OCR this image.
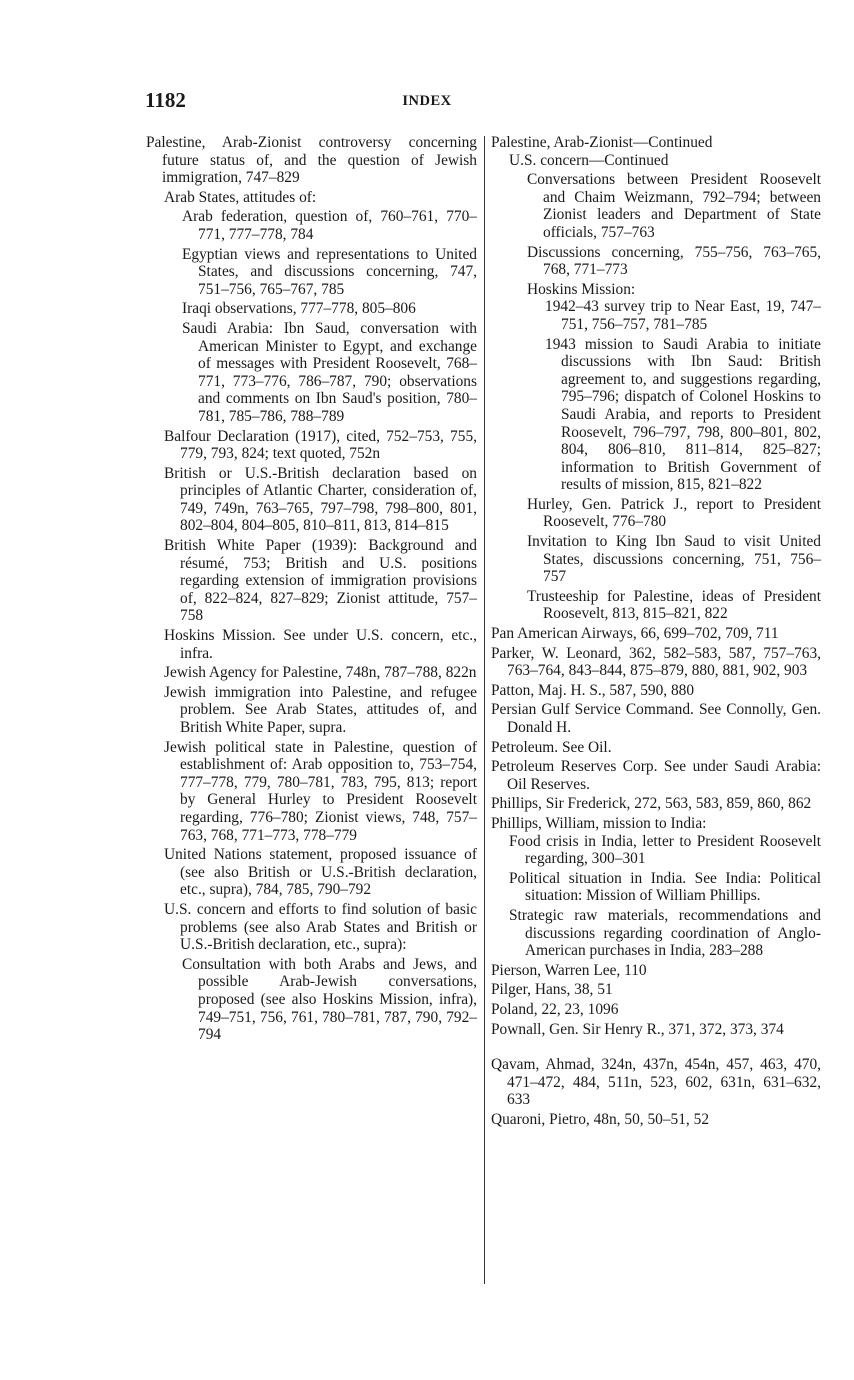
1182	INDEX

Palestine, Arab-Zionist controversy concerning future status of, and the question of Jewish immigration, 747–829

Arab States, attitudes of:

Arab federation, question of, 760–761, 770–771, 777–778, 784

Egyptian views and representations to United States, and discussions concerning, 747, 751–756, 765–767, 785

Iraqi observations, 777–778, 805–806

Saudi Arabia: Ibn Saud, conversation with American Minister to Egypt, and exchange of messages with President Roosevelt, 768–771, 773–776, 786–787, 790; observations and comments on Ibn Saud's position, 780–781, 785–786, 788–789

Balfour Declaration (1917), cited, 752–753, 755, 779, 793, 824; text quoted, 752n

British or U.S.-British declaration based on principles of Atlantic Charter, consideration of, 749, 749n, 763–765, 797–798, 798–800, 801, 802–804, 804–805, 810–811, 813, 814–815

British White Paper (1939): Background and résumé, 753; British and U.S. positions regarding extension of immigration provisions of, 822–824, 827–829; Zionist attitude, 757–758

Hoskins Mission. See under U.S. concern, etc., infra.

Jewish Agency for Palestine, 748n, 787–788, 822n

Jewish immigration into Palestine, and refugee problem. See Arab States, attitudes of, and British White Paper, supra.

Jewish political state in Palestine, question of establishment of: Arab opposition to, 753–754, 777–778, 779, 780–781, 783, 795, 813; report by General Hurley to President Roosevelt regarding, 776–780; Zionist views, 748, 757–763, 768, 771–773, 778–779

United Nations statement, proposed issuance of (see also British or U.S.-British declaration, etc., supra), 784, 785, 790–792

U.S. concern and efforts to find solution of basic problems (see also Arab States and British or U.S.-British declaration, etc., supra):

Consultation with both Arabs and Jews, and possible Arab-Jewish conversations, proposed (see also Hoskins Mission, infra), 749–751, 756, 761, 780–781, 787, 790, 792–794

Palestine, Arab-Zionist—Continued

U.S. concern—Continued

Conversations between President Roosevelt and Chaim Weizmann, 792–794; between Zionist leaders and Department of State officials, 757–763

Discussions concerning, 755–756, 763–765, 768, 771–773

Hoskins Mission:

1942–43 survey trip to Near East, 19, 747–751, 756–757, 781–785

1943 mission to Saudi Arabia to initiate discussions with Ibn Saud: British agreement to, and suggestions regarding, 795–796; dispatch of Colonel Hoskins to Saudi Arabia, and reports to President Roosevelt, 796–797, 798, 800–801, 802, 804, 806–810, 811–814, 825–827; information to British Government of results of mission, 815, 821–822

Hurley, Gen. Patrick J., report to President Roosevelt, 776–780

Invitation to King Ibn Saud to visit United States, discussions concerning, 751, 756–757

Trusteeship for Palestine, ideas of President Roosevelt, 813, 815–821, 822

Pan American Airways, 66, 699–702, 709, 711

Parker, W. Leonard, 362, 582–583, 587, 757–763, 763–764, 843–844, 875–879, 880, 881, 902, 903

Patton, Maj. H. S., 587, 590, 880

Persian Gulf Service Command. See Connolly, Gen. Donald H.

Petroleum. See Oil.

Petroleum Reserves Corp. See under Saudi Arabia: Oil Reserves.

Phillips, Sir Frederick, 272, 563, 583, 859, 860, 862

Phillips, William, mission to India:

Food crisis in India, letter to President Roosevelt regarding, 300–301

Political situation in India. See India: Political situation: Mission of William Phillips.

Strategic raw materials, recommendations and discussions regarding coordination of Anglo-American purchases in India, 283–288

Pierson, Warren Lee, 110

Pilger, Hans, 38, 51

Poland, 22, 23, 1096

Pownall, Gen. Sir Henry R., 371, 372, 373, 374

Qavam, Ahmad, 324n, 437n, 454n, 457, 463, 470, 471–472, 484, 511n, 523, 602, 631n, 631–632, 633

Quaroni, Pietro, 48n, 50, 50–51, 52
